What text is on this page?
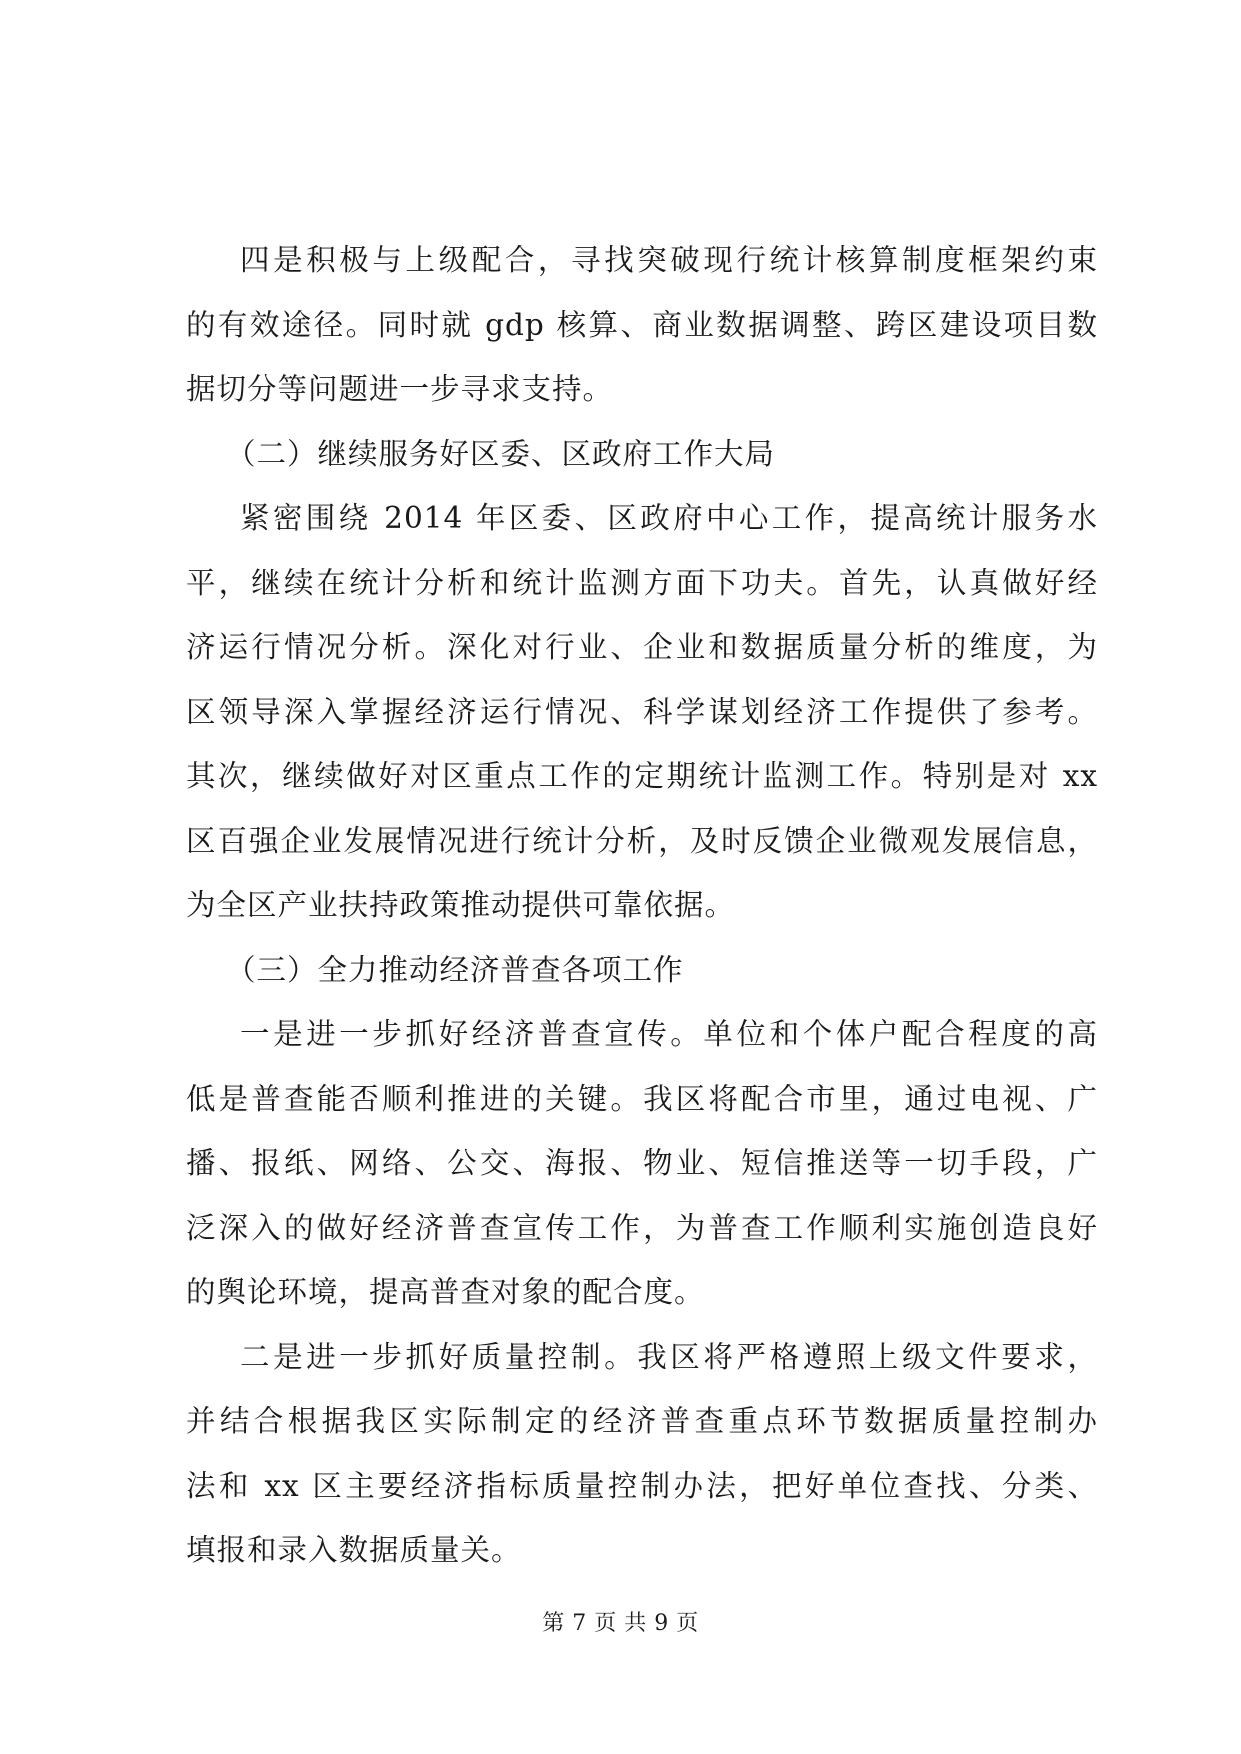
四是积极与上级配合，寻找突破现行统计核算制度框架约束
的有效途径。同时就 gdp 核算、商业数据调整、跨区建设项目数
据切分等问题进一步寻求支持。
（二）继续服务好区委、区政府工作大局
紧密围绕 2014 年区委、区政府中心工作，提高统计服务水
平，继续在统计分析和统计监测方面下功夫。首先，认真做好经
济运行情况分析。深化对行业、企业和数据质量分析的维度，为
区领导深入掌握经济运行情况、科学谋划经济工作提供了参考。
其次，继续做好对区重点工作的定期统计监测工作。特别是对 xx
区百强企业发展情况进行统计分析，及时反馈企业微观发展信息，
为全区产业扶持政策推动提供可靠依据。
（三）全力推动经济普查各项工作
一是进一步抓好经济普查宣传。单位和个体户配合程度的高
低是普查能否顺利推进的关键。我区将配合市里，通过电视、广
播、报纸、网络、公交、海报、物业、短信推送等一切手段，广
泛深入的做好经济普查宣传工作，为普查工作顺利实施创造良好
的舆论环境，提高普查对象的配合度。
二是进一步抓好质量控制。我区将严格遵照上级文件要求，
并结合根据我区实际制定的经济普查重点环节数据质量控制办
法和 xx 区主要经济指标质量控制办法，把好单位查找、分类、
填报和录入数据质量关。
第 7 页 共 9 页
